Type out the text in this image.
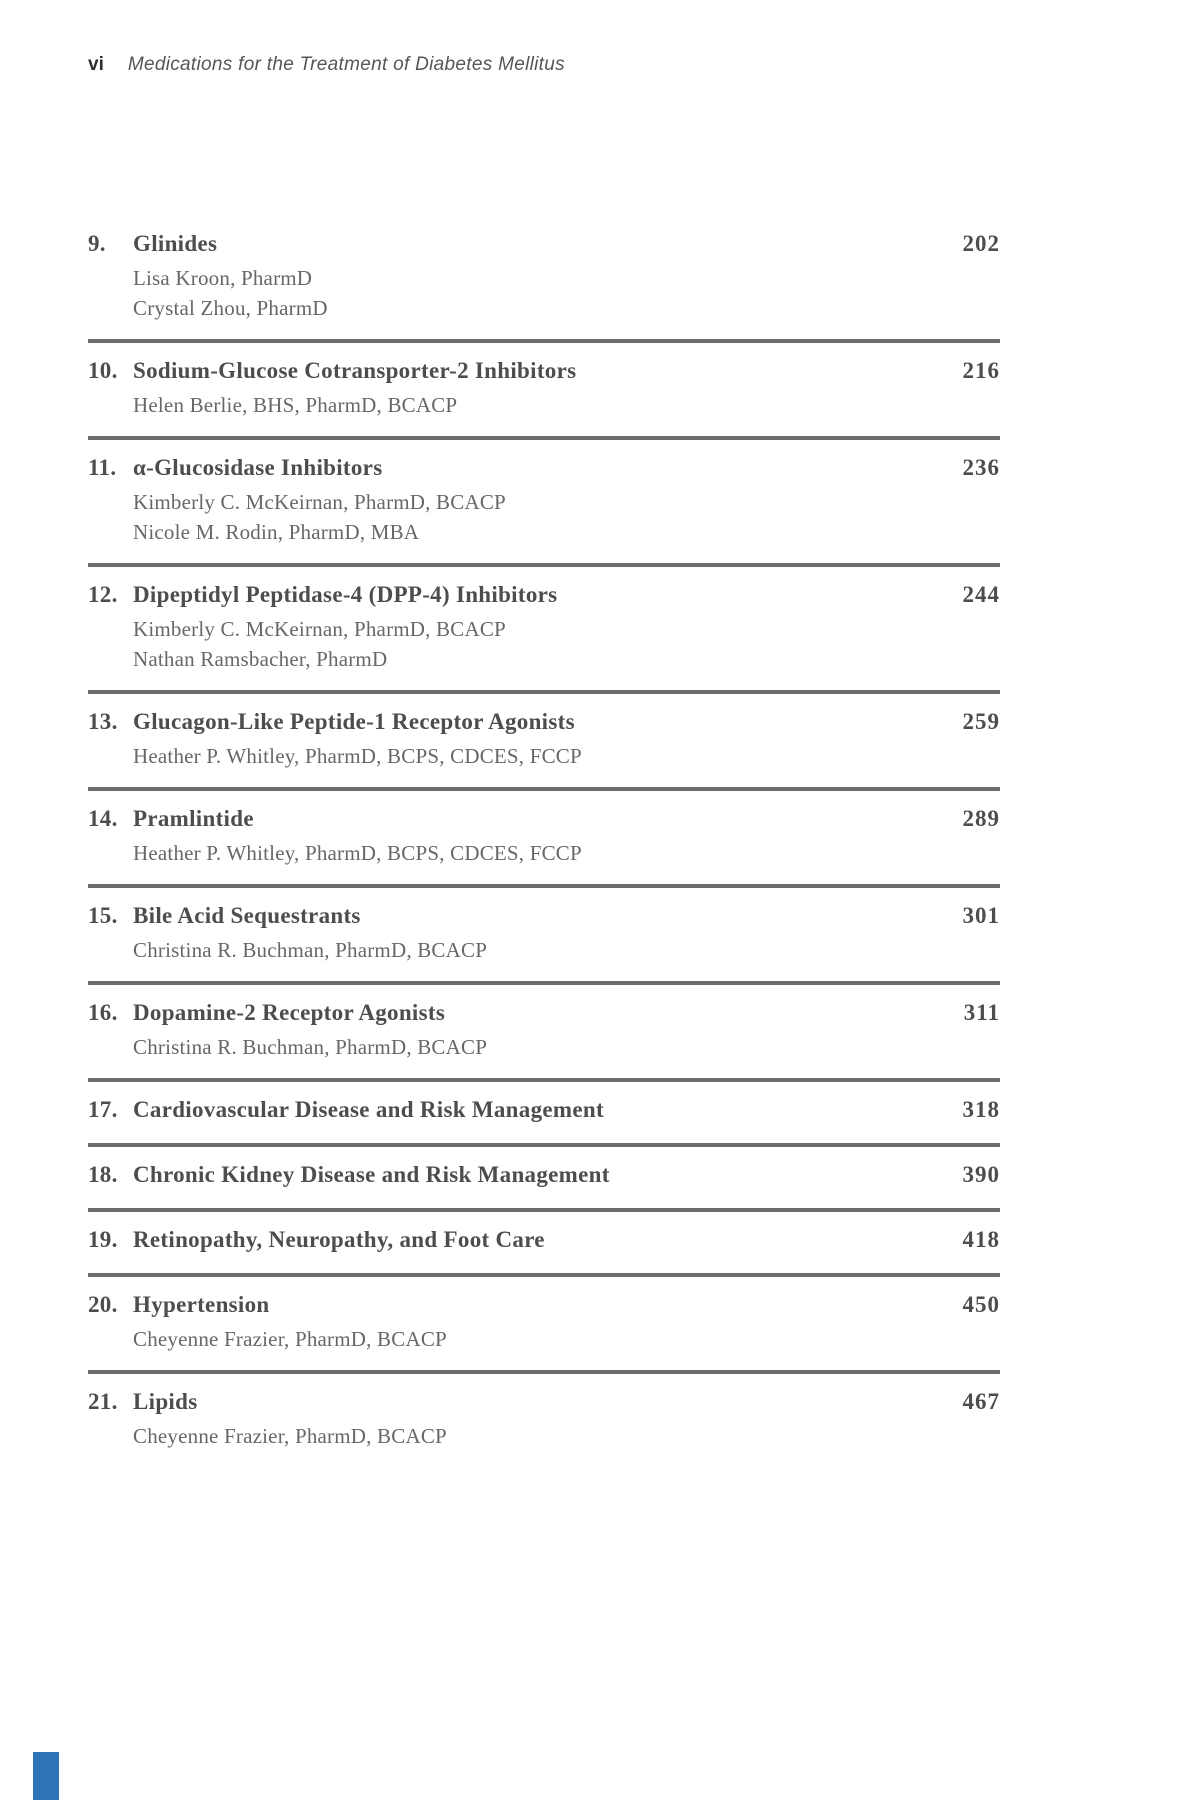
vi Medications for the Treatment of Diabetes Mellitus
9.	Glinides	202
Lisa Kroon, PharmD
Crystal Zhou, PharmD
10. Sodium-Glucose Cotransporter-2 Inhibitors	216
Helen Berlie, BHS, PharmD, BCACP
11. α-Glucosidase Inhibitors	236
Kimberly C. McKeirnan, PharmD, BCACP
Nicole M. Rodin, PharmD, MBA
12. Dipeptidyl Peptidase-4 (DPP-4) Inhibitors	244
Kimberly C. McKeirnan, PharmD, BCACP
Nathan Ramsbacher, PharmD
13. Glucagon-Like Peptide-1 Receptor Agonists	259
Heather P. Whitley, PharmD, BCPS, CDCES, FCCP
14. Pramlintide	289
Heather P. Whitley, PharmD, BCPS, CDCES, FCCP
15. Bile Acid Sequestrants	301
Christina R. Buchman, PharmD, BCACP
16. Dopamine-2 Receptor Agonists	311
Christina R. Buchman, PharmD, BCACP
17. Cardiovascular Disease and Risk Management	318
18. Chronic Kidney Disease and Risk Management	390
19. Retinopathy, Neuropathy, and Foot Care	418
20. Hypertension	450
Cheyenne Frazier, PharmD, BCACP
21. Lipids	467
Cheyenne Frazier, PharmD, BCACP
